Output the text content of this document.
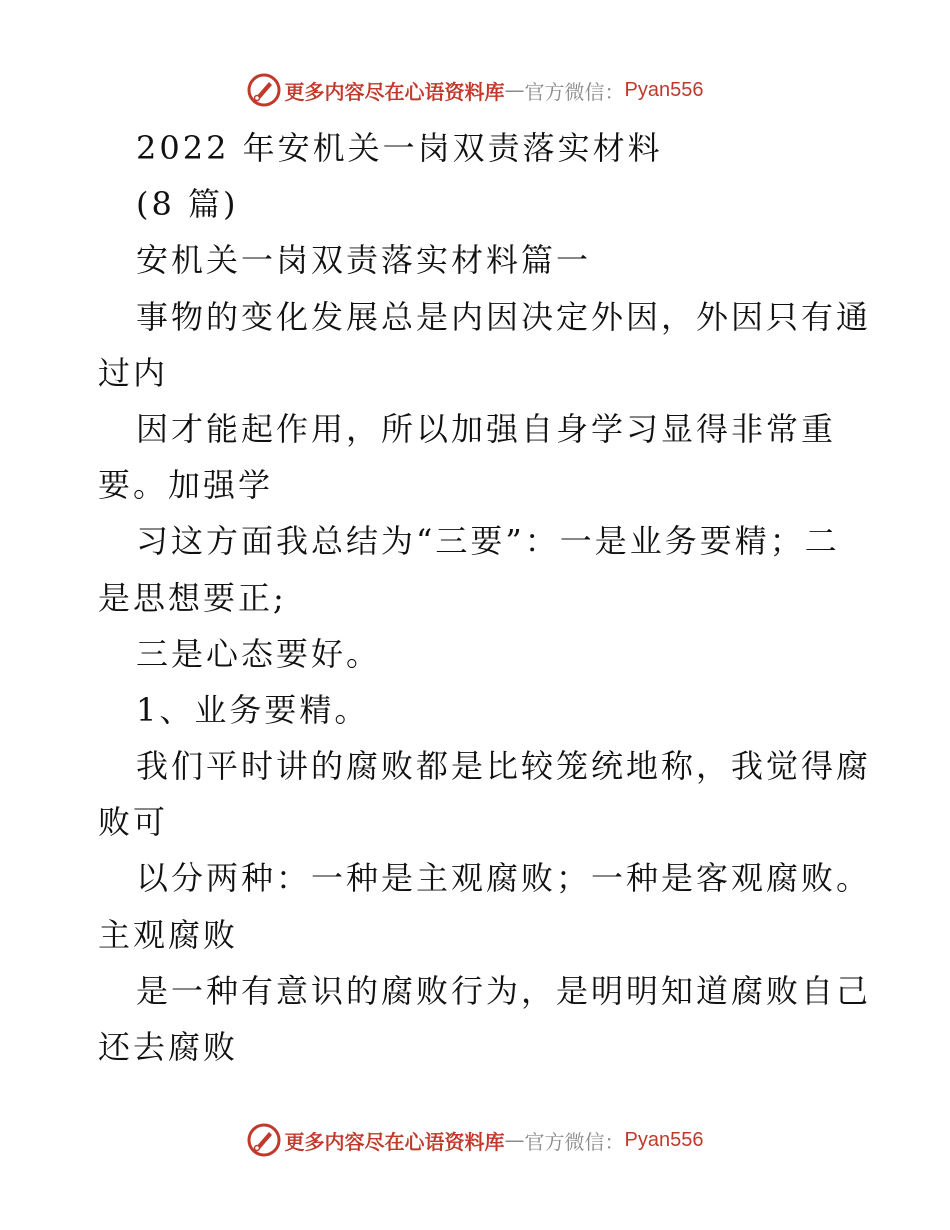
更多内容尽在心语资料库 — 官方微信： Pyan556
2022 年安机关一岗双责落实材料
(8 篇)
安机关一岗双责落实材料篇一
事物的变化发展总是内因决定外因，外因只有通
过内
因才能起作用，所以加强自身学习显得非常重
要。加强学
习这方面我总结为“三要”：一是业务要精；二
是思想要正;
三是心态要好。
1、业务要精。
我们平时讲的腐败都是比较笼统地称，我觉得腐
败可
以分两种：一种是主观腐败；一种是客观腐败。
主观腐败
是一种有意识的腐败行为，是明明知道腐败自己
还去腐败
更多内容尽在心语资料库 — 官方微信： Pyan556
